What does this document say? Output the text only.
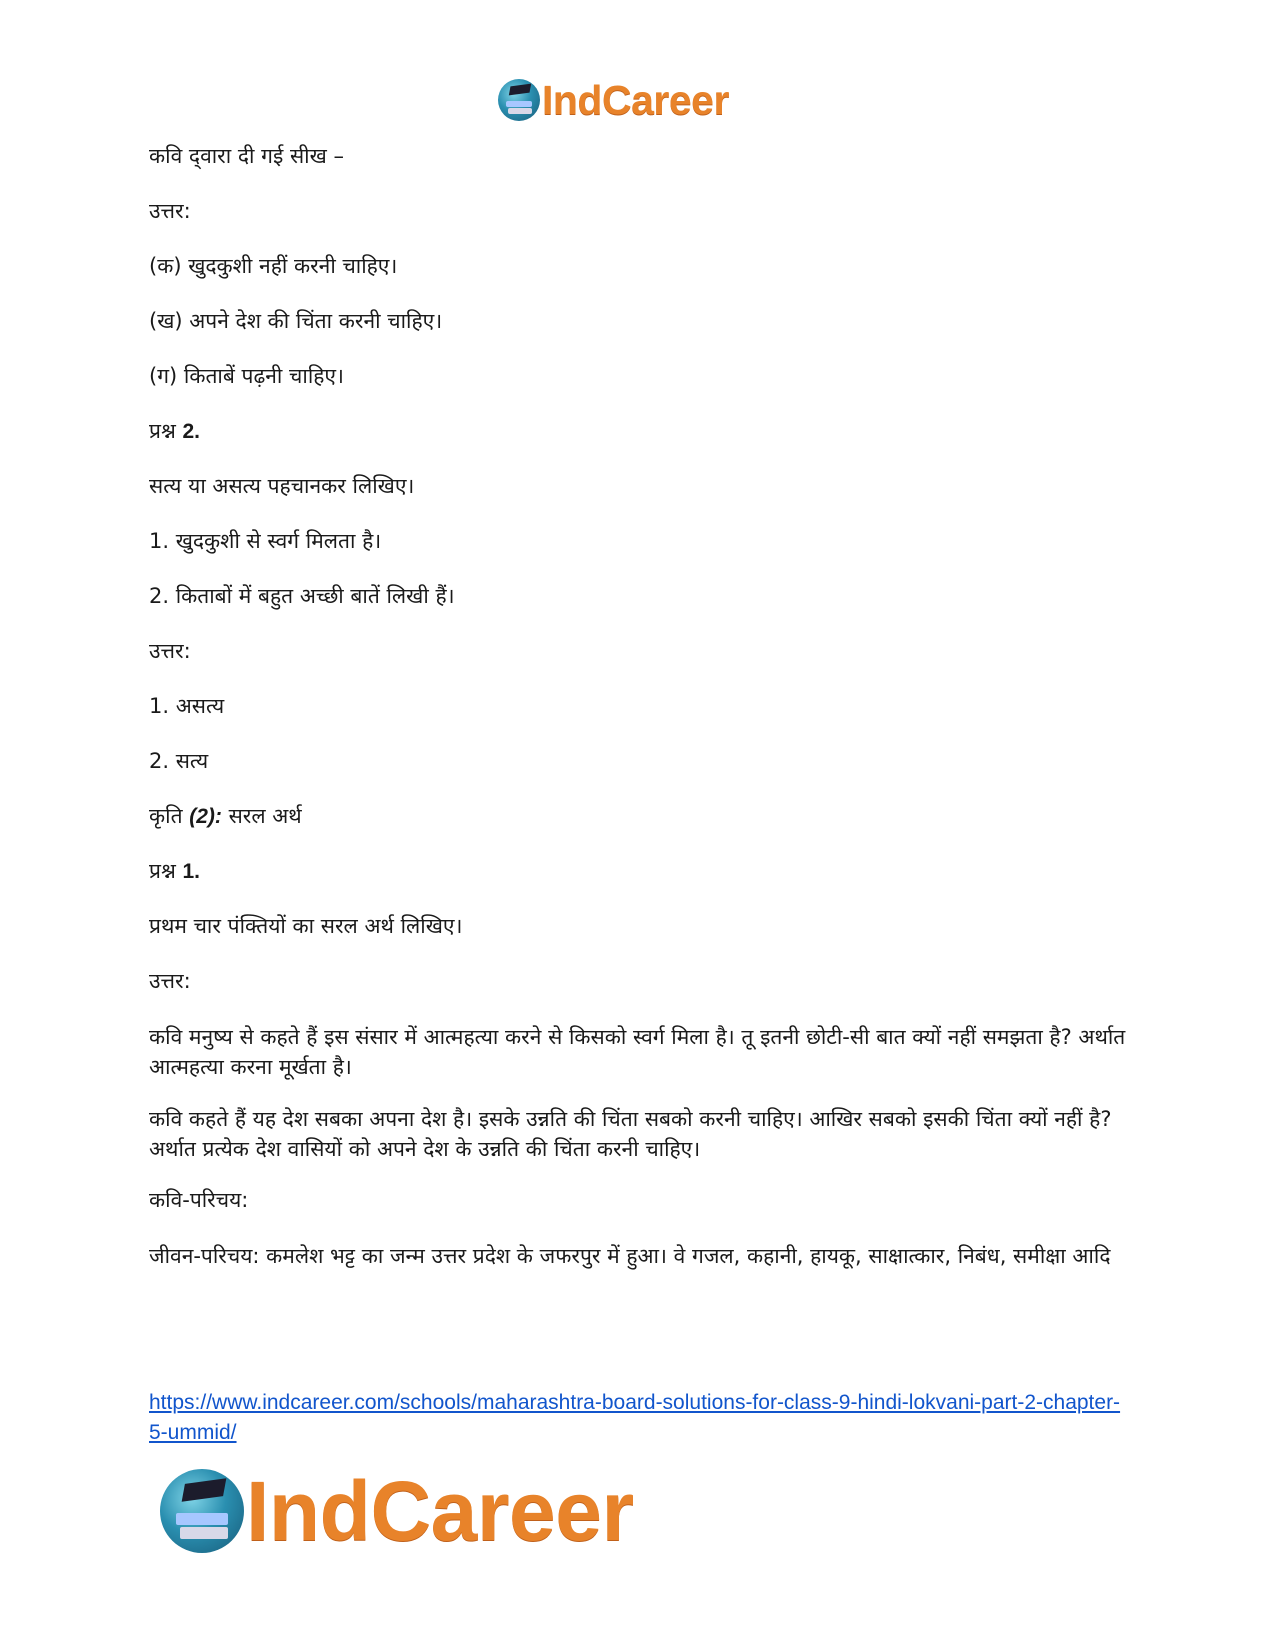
IndCareer

कवि द्‌वारा दी गई सीख –

उत्तर:

(क) खुदकुशी नहीं करनी चाहिए।

(ख) अपने देश की चिंता करनी चाहिए।

(ग) किताबें पढ़नी चाहिए।

प्रश्न 2.

सत्य या असत्य पहचानकर लिखिए।

1. खुदकुशी से स्वर्ग मिलता है।

2. किताबों में बहुत अच्छी बातें लिखी हैं।

उत्तर:

1. असत्य

2. सत्य

कृति (2): सरल अर्थ

प्रश्न 1.

प्रथम चार पंक्तियों का सरल अर्थ लिखिए।

उत्तर:

कवि मनुष्य से कहते हैं इस संसार में आत्महत्या करने से किसको स्वर्ग मिला है। तू इतनी छोटी-सी बात क्यों नहीं समझता है? अर्थात आत्महत्या करना मूर्खता है।

कवि कहते हैं यह देश सबका अपना देश है। इसके उन्नति की चिंता सबको करनी चाहिए। आखिर सबको इसकी चिंता क्यों नहीं है? अर्थात प्रत्येक देश वासियों को अपने देश के उन्नति की चिंता करनी चाहिए।

कवि-परिचय:

जीवन-परिचय: कमलेश भट्ट का जन्म उत्तर प्रदेश के जफरपुर में हुआ। वे गजल, कहानी, हायकू, साक्षात्कार, निबंध, समीक्षा आदि

https://www.indcareer.com/schools/maharashtra-board-solutions-for-class-9-hindi-lokvani-part-2-chapter-5-ummid/
IndCareer
